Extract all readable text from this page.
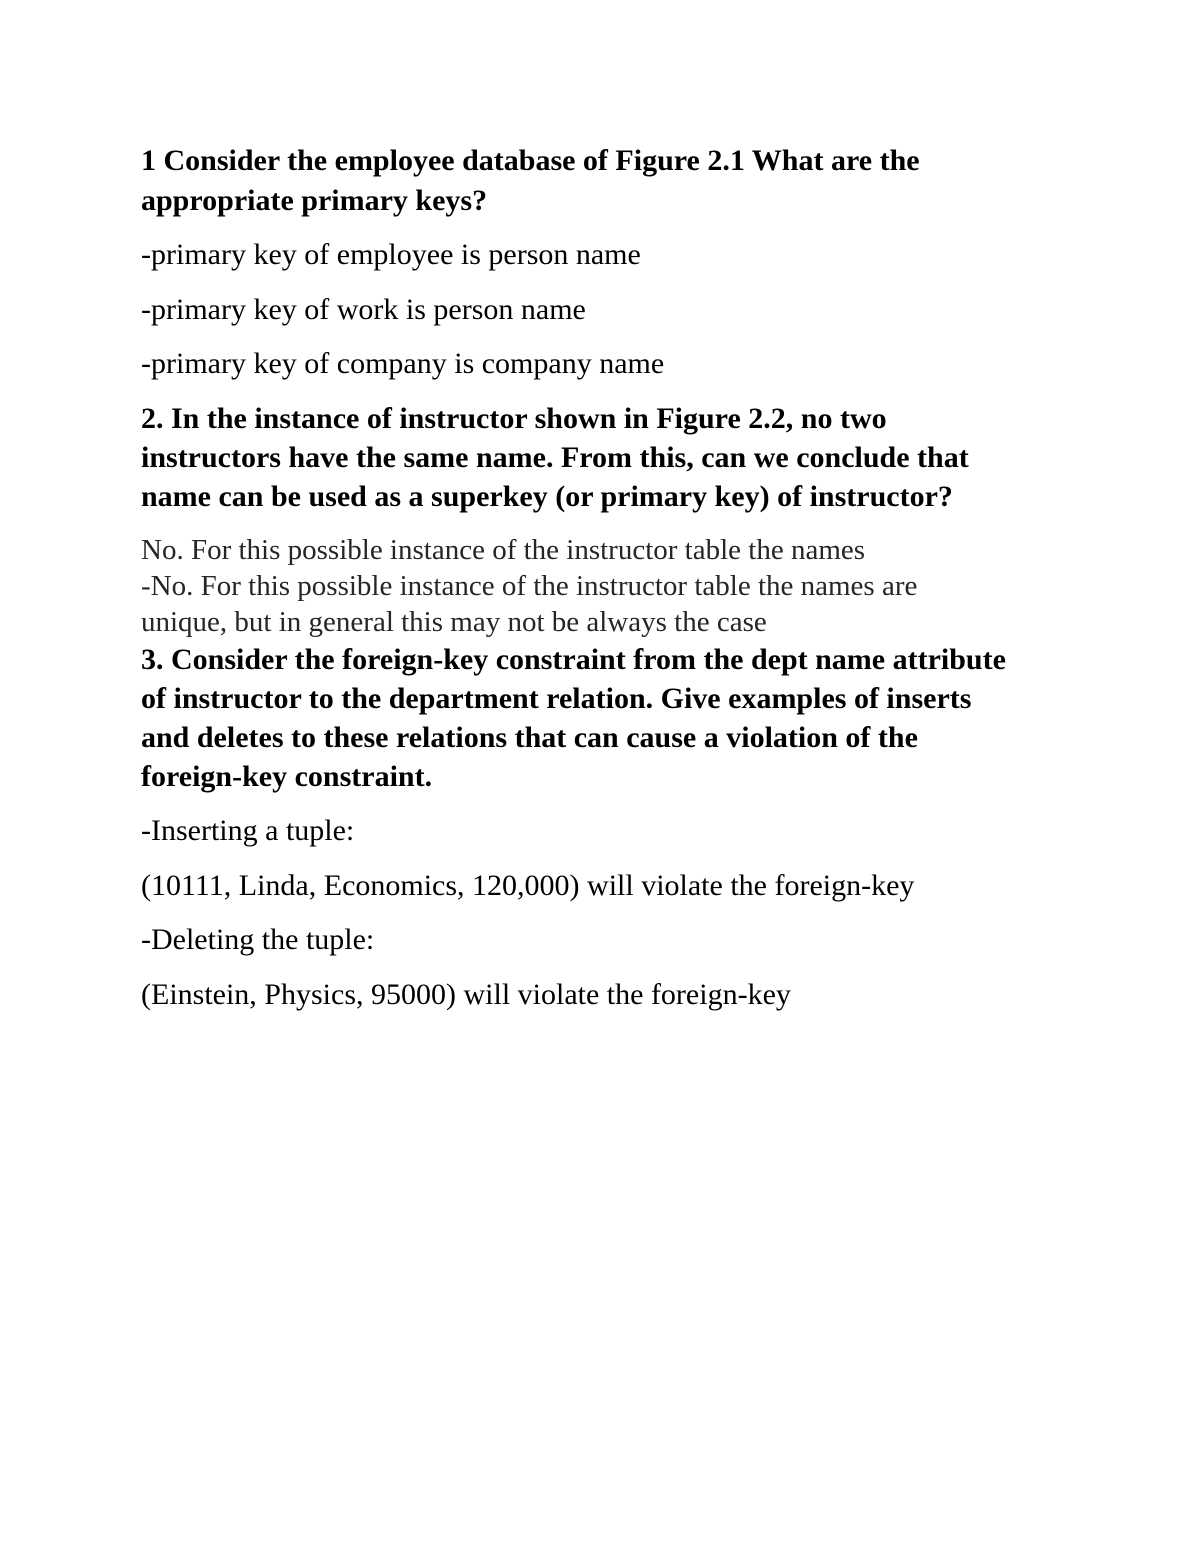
1 Consider the employee database of Figure 2.1 What are the
appropriate primary keys?
-primary key of employee is person name
-primary key of work is person name
-primary key of company is company name
2. In the instance of instructor shown in Figure 2.2, no two
instructors have the same name. From this, can we conclude that
name can be used as a superkey (or primary key) of instructor?
No. For this possible instance of the instructor table the names
-No. For this possible instance of the instructor table the names are
unique, but in general this may not be always the case
3. Consider the foreign-key constraint from the dept name attribute
of instructor to the department relation. Give examples of inserts
and deletes to these relations that can cause a violation of the
foreign-key constraint.
-Inserting a tuple:
(10111, Linda, Economics, 120,000) will violate the foreign-key
-Deleting the tuple:
(Einstein, Physics, 95000) will violate the foreign-key
